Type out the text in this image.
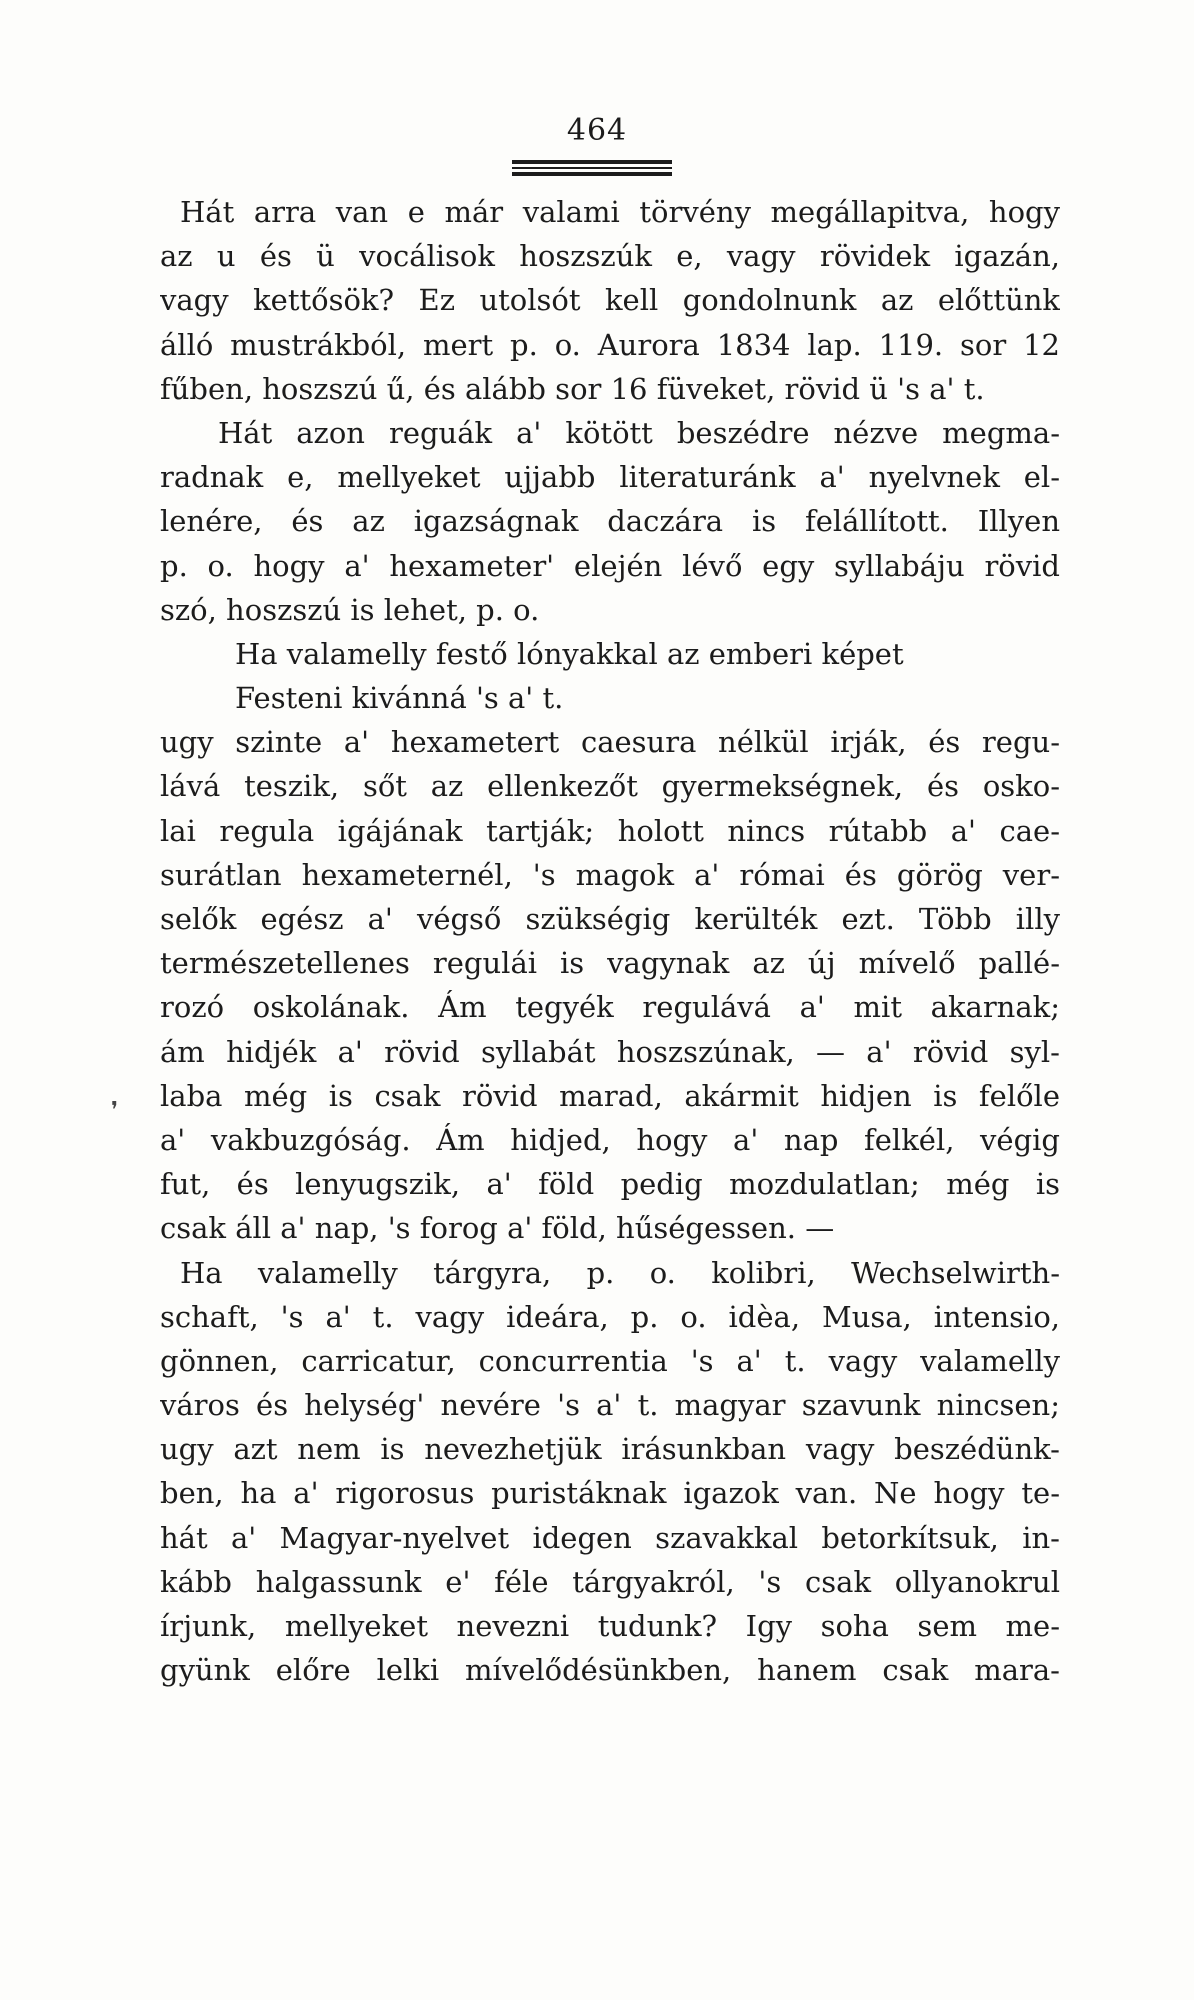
464
❜
Hát arra van e már valami törvény megállapitva, hogy
az u és ü vocálisok hoszszúk e, vagy rövidek igazán,
vagy kettősök? Ez utolsót kell gondolnunk az előttünk
álló mustrákból, mert p. o. Aurora 1834 lap. 119. sor 12
fűben, hoszszú ű, és alább sor 16 füveket, rövid ü 's a' t.
Hát azon reguák a' kötött beszédre nézve megma-
radnak e, mellyeket ujjabb literaturánk a' nyelvnek el-
lenére, és az igazságnak daczára is felállított. Illyen
p. o. hogy a' hexameter' elején lévő egy syllabáju rövid
szó, hoszszú is lehet, p. o.
Ha valamelly festő lónyakkal az emberi képet
Festeni kivánná 's a' t.
ugy szinte a' hexametert caesura nélkül irják, és regu-
lává teszik, sőt az ellenkezőt gyermekségnek, és osko-
lai regula igájának tartják; holott nincs rútabb a' cae-
surátlan hexameternél, 's magok a' római és görög ver-
selők egész a' végső szükségig kerülték ezt. Több illy
természetellenes regulái is vagynak az új mívelő pallé-
rozó oskolának. Ám tegyék regulává a' mit akarnak;
ám hidjék a' rövid syllabát hoszszúnak, — a' rövid syl-
laba még is csak rövid marad, akármit hidjen is felőle
a' vakbuzgóság. Ám hidjed, hogy a' nap felkél, végig
fut, és lenyugszik, a' föld pedig mozdulatlan; még is
csak áll a' nap, 's forog a' föld, hűségessen. —
Ha valamelly tárgyra, p. o. kolibri, Wechselwirth-
schaft, 's a' t. vagy ideára, p. o. idèa, Musa, intensio,
gönnen, carricatur, concurrentia 's a' t. vagy valamelly
város és helység' nevére 's a' t. magyar szavunk nincsen;
ugy azt nem is nevezhetjük irásunkban vagy beszédünk-
ben, ha a' rigorosus puristáknak igazok van. Ne hogy te-
hát a' Magyar-nyelvet idegen szavakkal betorkítsuk, in-
kább halgassunk e' féle tárgyakról, 's csak ollyanokrul
írjunk, mellyeket nevezni tudunk? Igy soha sem me-
gyünk előre lelki mívelődésünkben, hanem csak mara-
